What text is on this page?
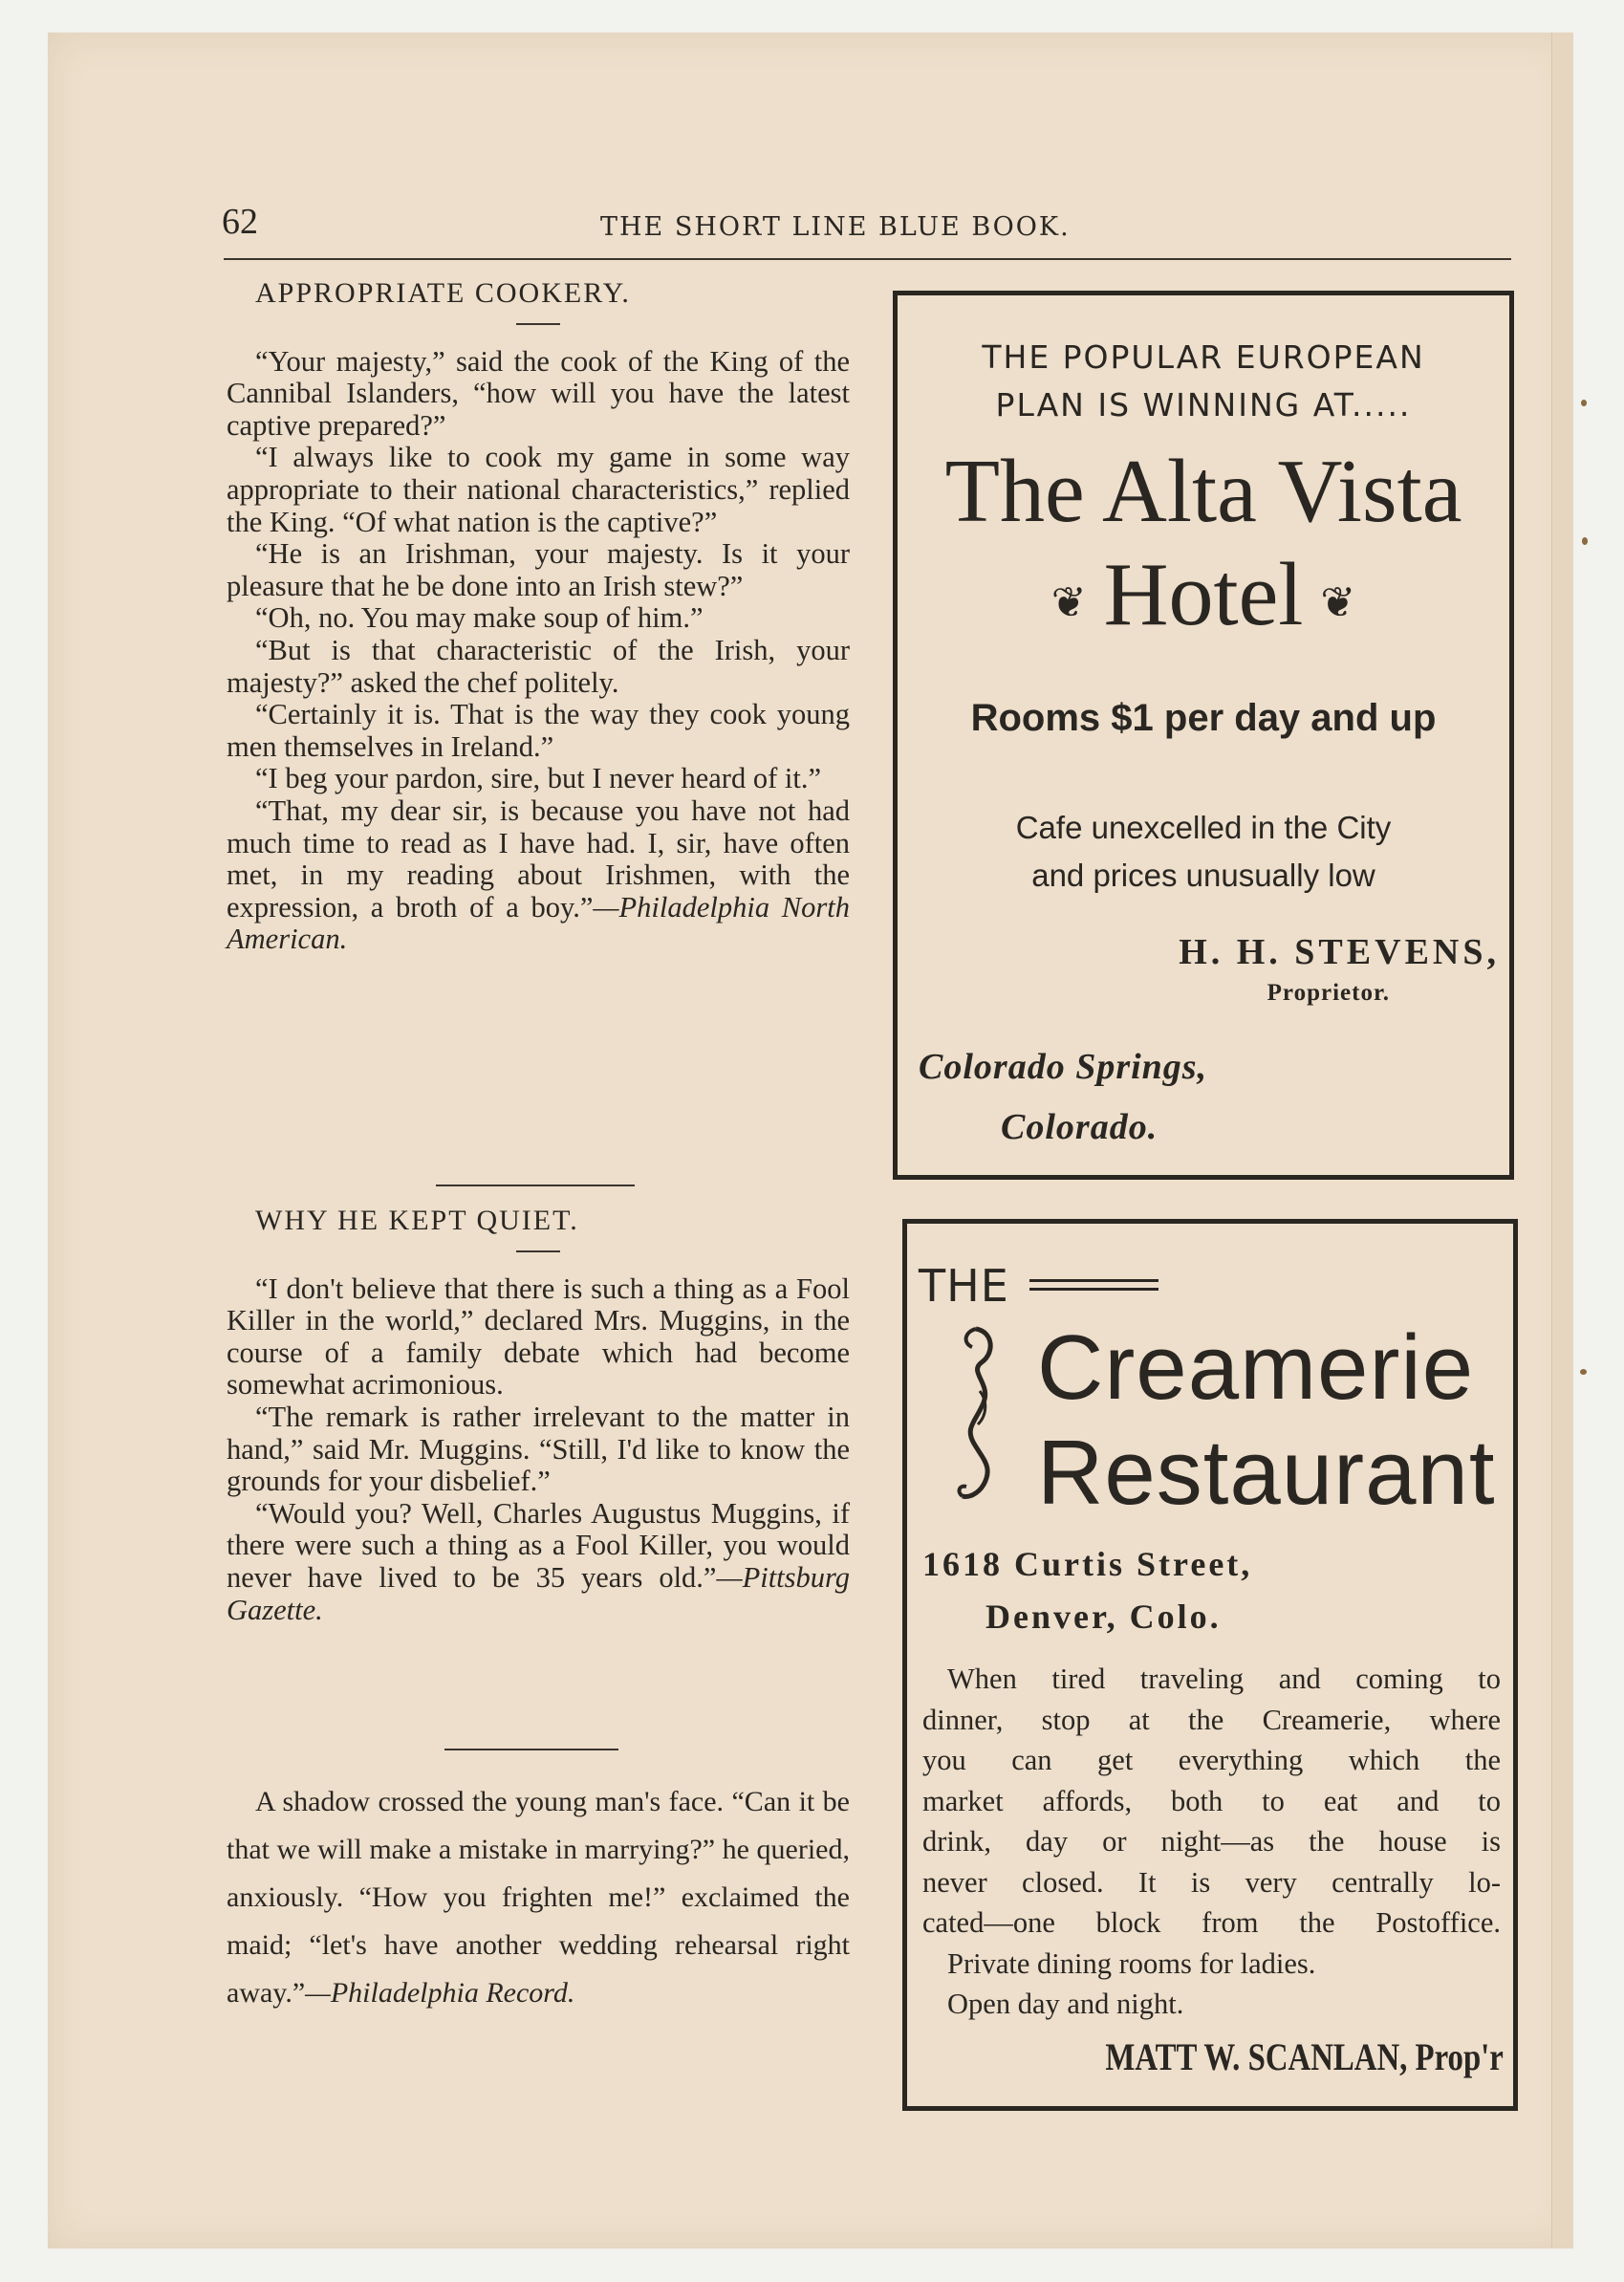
62	THE SHORT LINE BLUE BOOK.

APPROPRIATE COOKERY.

“Your majesty,” said the cook of the King of the Cannibal Islanders, “how will you have the latest captive prepared?”

“I always like to cook my game in some way appropriate to their national characteristics,” replied the King. “Of what nation is the captive?”

“He is an Irishman, your majesty. Is it your pleasure that he be done into an Irish stew?”

“Oh, no. You may make soup of him.”

“But is that characteristic of the Irish, your majesty?” asked the chef politely.

“Certainly it is. That is the way they cook young men themselves in Ireland.”

“I beg your pardon, sire, but I never heard of it.”

“That, my dear sir, is because you have not had much time to read as I have had. I, sir, have often met, in my reading about Irishmen, with the expression, a broth of a boy.”—Philadelphia North American.

WHY HE KEPT QUIET.

“I don't believe that there is such a thing as a Fool Killer in the world,” declared Mrs. Muggins, in the course of a family debate which had become somewhat acrimonious.

“The remark is rather irrelevant to the matter in hand,” said Mr. Muggins. “Still, I'd like to know the grounds for your disbelief.”

“Would you? Well, Charles Augustus Muggins, if there were such a thing as a Fool Killer, you would never have lived to be 35 years old.”—Pittsburg Gazette.

A shadow crossed the young man's face. “Can it be that we will make a mistake in marrying?” he queried, anxiously. “How you frighten me!” exclaimed the maid; “let's have another wedding rehearsal right away.”—Philadelphia Record.

THE POPULAR EUROPEAN
PLAN IS WINNING AT.....
The Alta Vista
❦ Hotel ❦
Rooms $1 per day and up
Cafe unexcelled in the City
and prices unusually low
H. H. STEVENS,
Proprietor.
Colorado Springs,
Colorado.
THE
Creamerie
Restaurant
1618 Curtis Street,
Denver, Colo.
When tired traveling and coming to
dinner, stop at the Creamerie, where
you can get everything which the
market affords, both to eat and to
drink, day or night—as the house is
never closed. It is very centrally lo-
cated—one block from the Postoffice.
Private dining rooms for ladies.
Open day and night.
MATT W. SCANLAN, Prop'r
